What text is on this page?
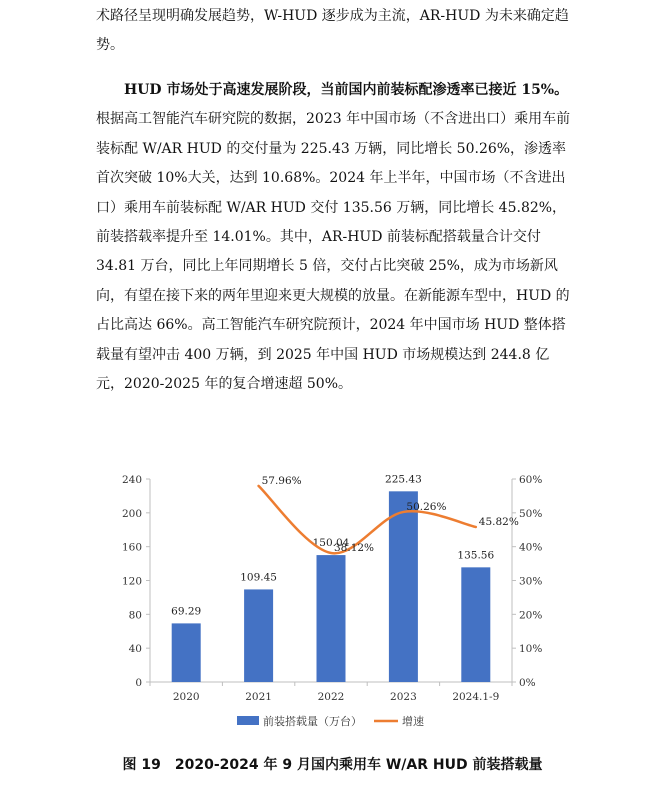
术路径呈现明确发展趋势，W-HUD 逐步成为主流，AR-HUD 为未来确定趋势。

HUD 市场处于高速发展阶段，当前国内前装标配渗透率已接近 15%。根据高工智能汽车研究院的数据，2023 年中国市场（不含进出口）乘用车前装标配 W/AR HUD 的交付量为 225.43 万辆，同比增长 50.26%，渗透率首次突破 10%大关，达到 10.68%。2024 年上半年，中国市场（不含进出口）乘用车前装标配 W/AR HUD 交付 135.56 万辆，同比增长 45.82%，前装搭载率提升至 14.01%。其中，AR-HUD 前装标配搭载量合计交付 34.81 万台，同比上年同期增长 5 倍，交付占比突破 25%，成为市场新风向，有望在接下来的两年里迎来更大规模的放量。在新能源车型中，HUD 的占比高达 66%。高工智能汽车研究院预计，2024 年中国市场 HUD 整体搭载量有望冲击 400 万辆，到 2025 年中国 HUD 市场规模达到 244.8 亿元，2020-2025 年的复合增速超 50%。

0
40
80
120
160
200
240
0%
10%
20%
30%
40%
50%
60%
2020	2021	2022	2023	2024.1-9
69.29
109.45
150.04
225.43
135.56
57.96%
38.12%
50.26%
45.82%
前装搭载量（万台）	增速
图 19 2020-2024 年 9 月国内乘用车 W/AR HUD 前装搭载量
